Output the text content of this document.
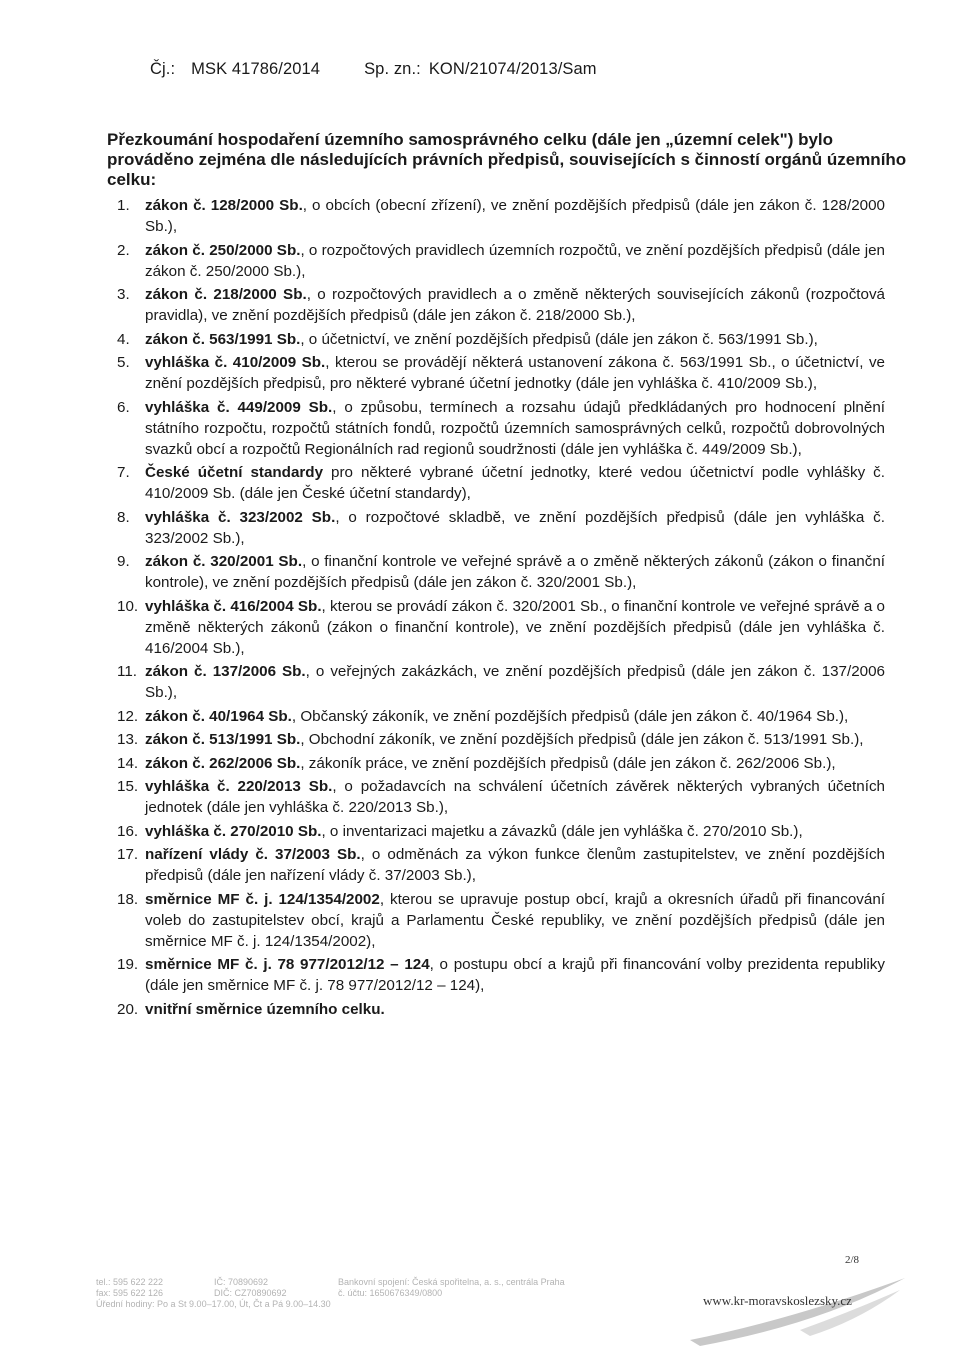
Čj.: MSK 41786/2014	Sp. zn.: KON/21074/2013/Sam
Přezkoumání hospodaření územního samosprávného celku (dále jen „územní celek") bylo prováděno zejména dle následujících právních předpisů, souvisejících s činností orgánů územního celku:
1. zákon č. 128/2000 Sb., o obcích (obecní zřízení), ve znění pozdějších předpisů (dále jen zákon č. 128/2000 Sb.),
2. zákon č. 250/2000 Sb., o rozpočtových pravidlech územních rozpočtů, ve znění pozdějších předpisů (dále jen zákon č. 250/2000 Sb.),
3. zákon č. 218/2000 Sb., o rozpočtových pravidlech a o změně některých souvisejících zákonů (rozpočtová pravidla), ve znění pozdějších předpisů (dále jen zákon č. 218/2000 Sb.),
4. zákon č. 563/1991 Sb., o účetnictví, ve znění pozdějších předpisů (dále jen zákon č. 563/1991 Sb.),
5. vyhláška č. 410/2009 Sb., kterou se provádějí některá ustanovení zákona č. 563/1991 Sb., o účetnictví, ve znění pozdějších předpisů, pro některé vybrané účetní jednotky (dále jen vyhláška č. 410/2009 Sb.),
6. vyhláška č. 449/2009 Sb., o způsobu, termínech a rozsahu údajů předkládaných pro hodnocení plnění státního rozpočtu, rozpočtů státních fondů, rozpočtů územních samosprávných celků, rozpočtů dobrovolných svazků obcí a rozpočtů Regionálních rad regionů soudržnosti (dále jen vyhláška č. 449/2009 Sb.),
7. České účetní standardy pro některé vybrané účetní jednotky, které vedou účetnictví podle vyhlášky č. 410/2009 Sb. (dále jen České účetní standardy),
8. vyhláška č. 323/2002 Sb., o rozpočtové skladbě, ve znění pozdějších předpisů (dále jen vyhláška č. 323/2002 Sb.),
9. zákon č. 320/2001 Sb., o finanční kontrole ve veřejné správě a o změně některých zákonů (zákon o finanční kontrole), ve znění pozdějších předpisů (dále jen zákon č. 320/2001 Sb.),
10. vyhláška č. 416/2004 Sb., kterou se provádí zákon č. 320/2001 Sb., o finanční kontrole ve veřejné správě a o změně některých zákonů (zákon o finanční kontrole), ve znění pozdějších předpisů (dále jen vyhláška č. 416/2004 Sb.),
11. zákon č. 137/2006 Sb., o veřejných zakázkách, ve znění pozdějších předpisů (dále jen zákon č. 137/2006 Sb.),
12. zákon č. 40/1964 Sb., Občanský zákoník, ve znění pozdějších předpisů (dále jen zákon č. 40/1964 Sb.),
13. zákon č. 513/1991 Sb., Obchodní zákoník, ve znění pozdějších předpisů (dále jen zákon č. 513/1991 Sb.),
14. zákon č. 262/2006 Sb., zákoník práce, ve znění pozdějších předpisů (dále jen zákon č. 262/2006 Sb.),
15. vyhláška č. 220/2013 Sb., o požadavcích na schválení účetních závěrek některých vybraných účetních jednotek (dále jen vyhláška č. 220/2013 Sb.),
16. vyhláška č. 270/2010 Sb., o inventarizaci majetku a závazků (dále jen vyhláška č. 270/2010 Sb.),
17. nařízení vlády č. 37/2003 Sb., o odměnách za výkon funkce členům zastupitelstev, ve znění pozdějších předpisů (dále jen nařízení vlády č. 37/2003 Sb.),
18. směrnice MF č. j. 124/1354/2002, kterou se upravuje postup obcí, krajů a okresních úřadů při financování voleb do zastupitelstev obcí, krajů a Parlamentu České republiky, ve znění pozdějších předpisů (dále jen směrnice MF č. j. 124/1354/2002),
19. směrnice MF č. j. 78 977/2012/12 – 124, o postupu obcí a krajů při financování volby prezidenta republiky (dále jen směrnice MF č. j. 78 977/2012/12 – 124),
20. vnitřní směrnice územního celku.
tel.: 595 622 222
fax: 595 622 126
Úřední hodiny: Po a St 9.00–17.00, Út, Čt a Pá 9.00–14.30
IČ: 70890692
DIČ: CZ70890692
Bankovní spojení: Česká spořitelna, a. s., centrála Praha
č. účtu: 1650676349/0800
2/8
www.kr-moravskoslezsky.cz
